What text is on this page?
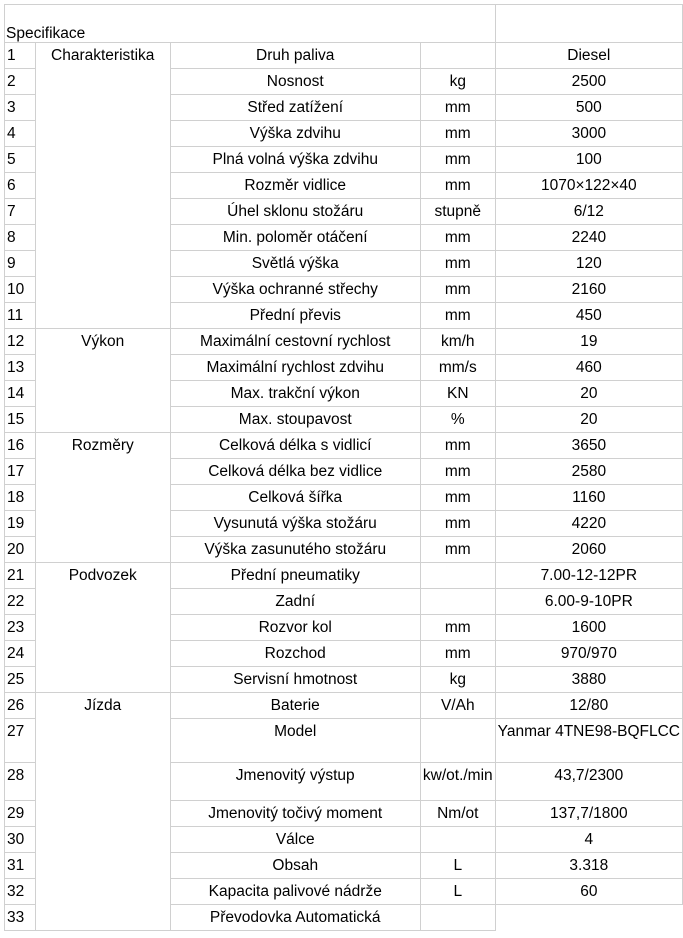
Specifikace				
1	Charakteristika	Druh paliva		Diesel
2		Nosnost	kg	2500
3		Střed zatížení	mm	500
4		Výška zdvihu	mm	3000
5		Plná volná výška zdvihu	mm	100
6		Rozměr vidlice	mm	1070×122×40
7		Úhel sklonu stožáru	stupně	6/12
8		Min. poloměr otáčení	mm	2240
9		Světlá výška	mm	120
10		Výška ochranné střechy	mm	2160
11		Přední převis	mm	450
12	Výkon	Maximální cestovní rychlost	km/h	19
13		Maximální rychlost zdvihu	mm/s	460
14		Max. trakční výkon	KN	20
15		Max. stoupavost	%	20
16	Rozměry	Celková délka s vidlicí	mm	3650
17		Celková délka bez vidlice	mm	2580
18		Celková šířka	mm	1160
19		Vysunutá výška stožáru	mm	4220
20		Výška zasunutého stožáru	mm	2060
21	Podvozek	Přední pneumatiky		7.00-12-12PR
22		Zadní		6.00-9-10PR
23		Rozvor kol	mm	1600
24		Rozchod	mm	970/970
25		Servisní hmotnost	kg	3880
26	Jízda	Baterie	V/Ah	12/80
27		Model		Yanmar 4TNE98-BQFLCC
28		Jmenovitý výstup	kw/ot./min	43,7/2300
29		Jmenovitý točivý moment	Nm/ot	137,7/1800
30		Válce		4
31		Obsah	L	3.318
32		Kapacita palivové nádrže	L	60
33		Převodovka Automatická		
